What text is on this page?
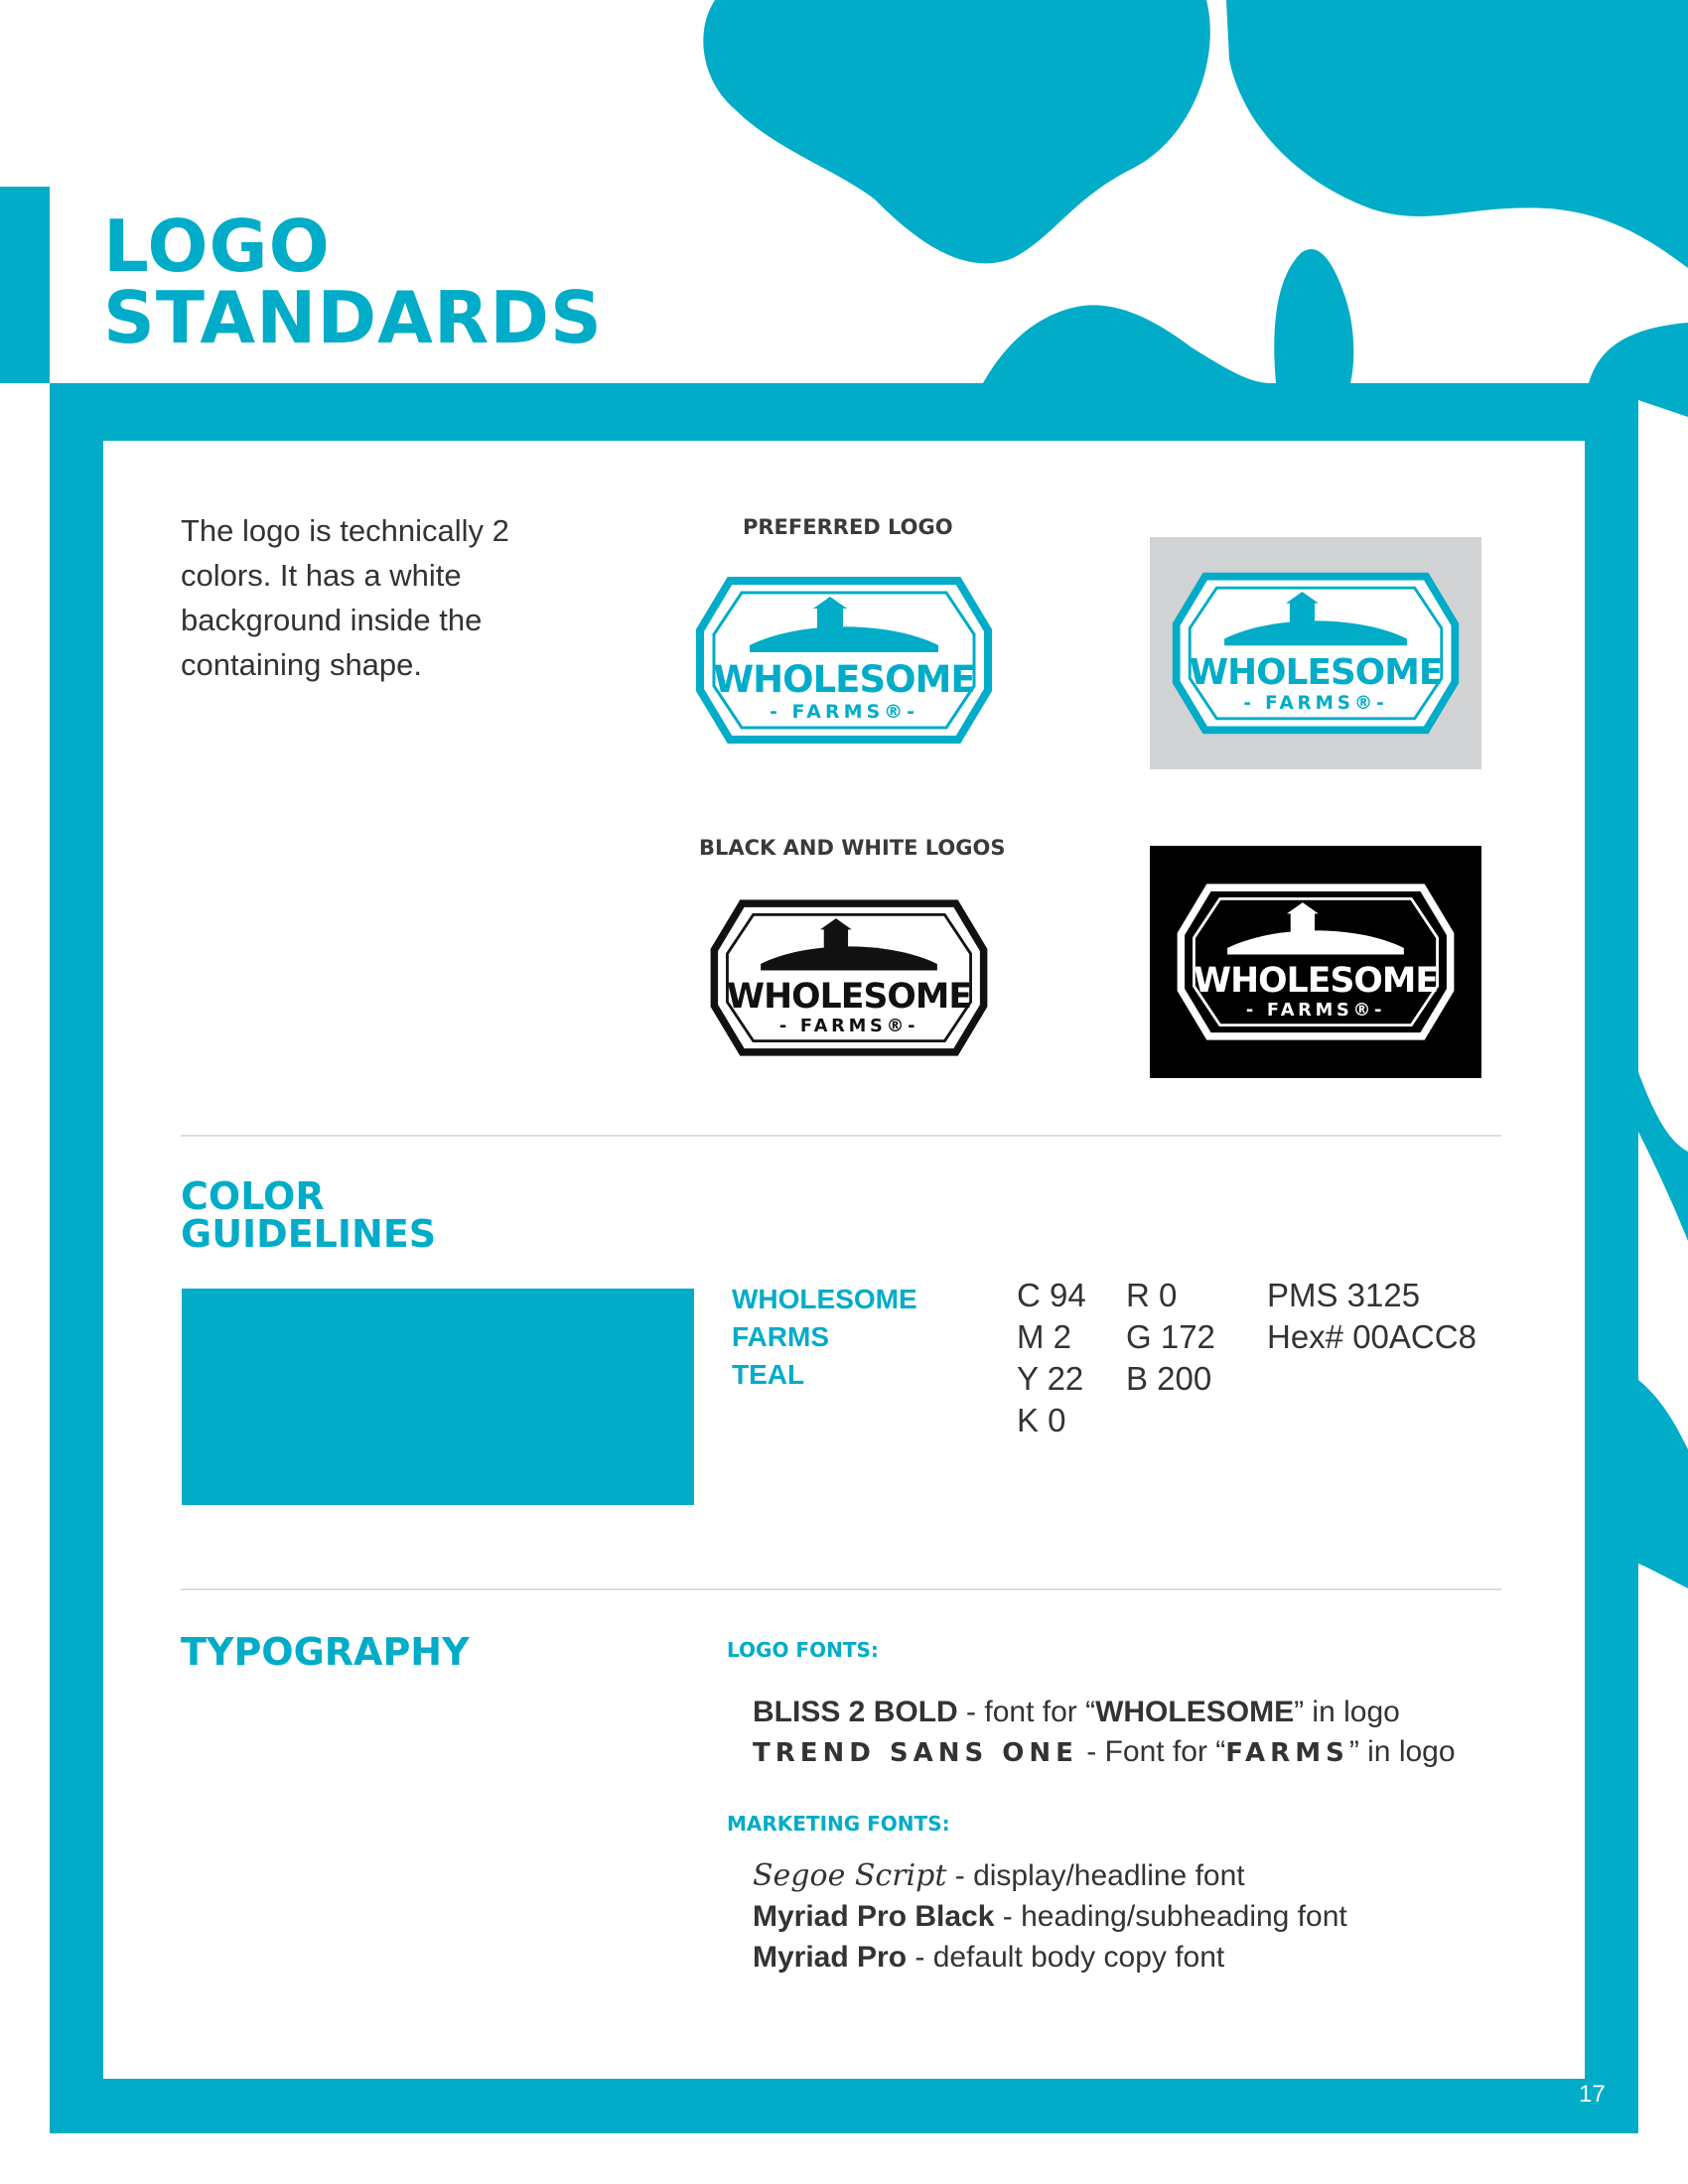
LOGO
STANDARDS

The logo is technically 2 colors. It has a white background inside the containing shape.

PREFERRED LOGO
BLACK AND WHITE LOGOS
WHOLESOME
- FARMS®-
WHOLESOME
- FARMS®-
WHOLESOME
- FARMS®-
WHOLESOME
- FARMS®-
COLOR
GUIDELINES
WHOLESOME
FARMS
TEAL
C 94
M 2
Y 22
K 0
R 0
G 172
B 200
PMS 3125
Hex# 00ACC8
TYPOGRAPHY	LOGO FONTS:
BLISS 2 BOLD - font for “WHOLESOME” in logo
TREND SANS ONE - Font for “FARMS” in logo
MARKETING FONTS:
Segoe Script - display/headline font
Myriad Pro Black - heading/subheading font
Myriad Pro - default body copy font
17
